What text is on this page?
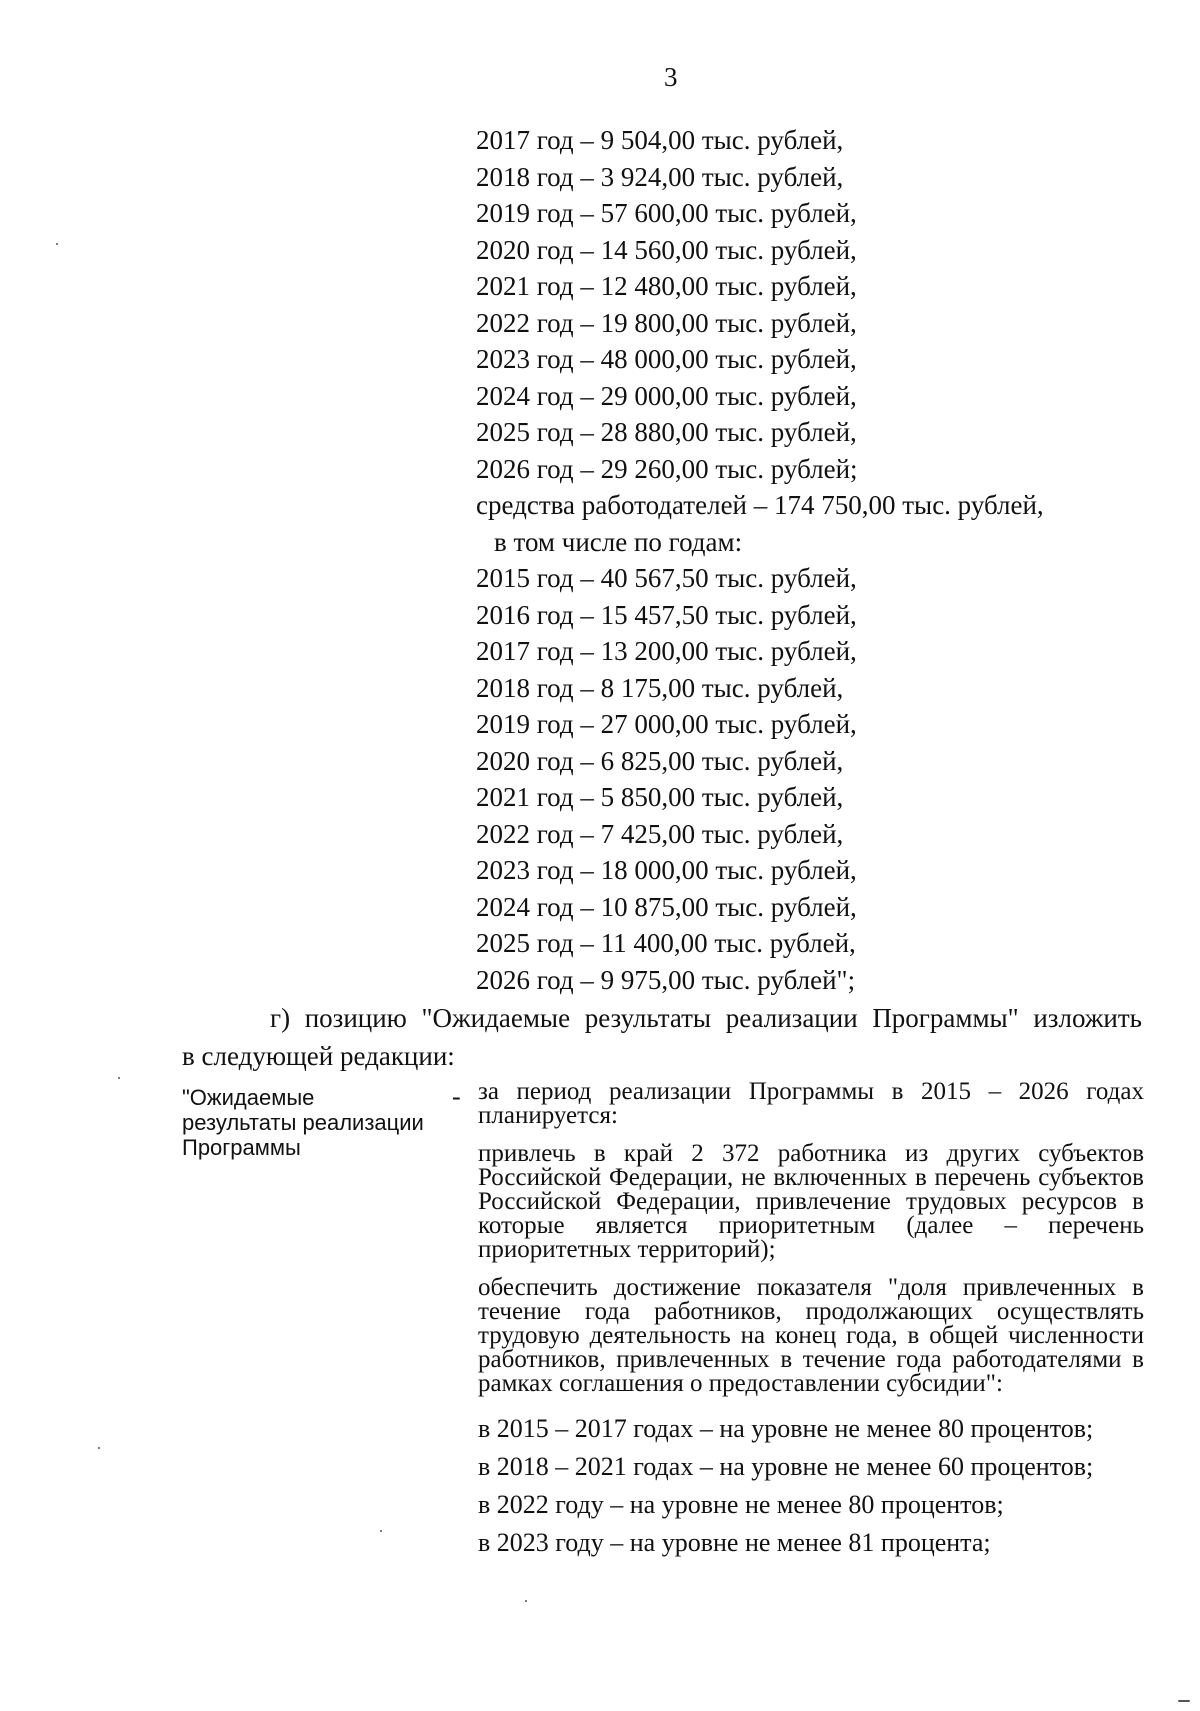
3
2017 год – 9 504,00 тыс. рублей,
2018 год – 3 924,00 тыс. рублей,
2019 год – 57 600,00 тыс. рублей,
2020 год – 14 560,00 тыс. рублей,
2021 год – 12 480,00 тыс. рублей,
2022 год – 19 800,00 тыс. рублей,
2023 год – 48 000,00 тыс. рублей,
2024 год – 29 000,00 тыс. рублей,
2025 год – 28 880,00 тыс. рублей,
2026 год – 29 260,00 тыс. рублей;
средства работодателей – 174 750,00 тыс. рублей,
в том числе по годам:
2015 год – 40 567,50 тыс. рублей,
2016 год – 15 457,50 тыс. рублей,
2017 год – 13 200,00 тыс. рублей,
2018 год – 8 175,00 тыс. рублей,
2019 год – 27 000,00 тыс. рублей,
2020 год – 6 825,00 тыс. рублей,
2021 год – 5 850,00 тыс. рублей,
2022 год – 7 425,00 тыс. рублей,
2023 год – 18 000,00 тыс. рублей,
2024 год – 10 875,00 тыс. рублей,
2025 год – 11 400,00 тыс. рублей,
2026 год – 9 975,00 тыс. рублей";
г) позицию "Ожидаемые результаты реализации Программы" изложить
в следующей редакции:
"Ожидаемые результаты реализации Программы
- за период реализации Программы в 2015 – 2026 годах планируется:

привлечь в край 2 372 работника из других субъектов Российской Федерации, не включенных в перечень субъектов Российской Федерации, привлечение трудовых ресурсов в которые является приоритетным (далее – перечень приоритетных территорий);

обеспечить достижение показателя "доля привлеченных в течение года работников, продолжающих осуществлять трудовую деятельность на конец года, в общей численности работников, привлеченных в течение года работодателями в рамках соглашения о предоставлении субсидии":

в 2015 – 2017 годах – на уровне не менее 80 процентов;
в 2018 – 2021 годах – на уровне не менее 60 процентов;
в 2022 году – на уровне не менее 80 процентов;
в 2023 году – на уровне не менее 81 процента;
